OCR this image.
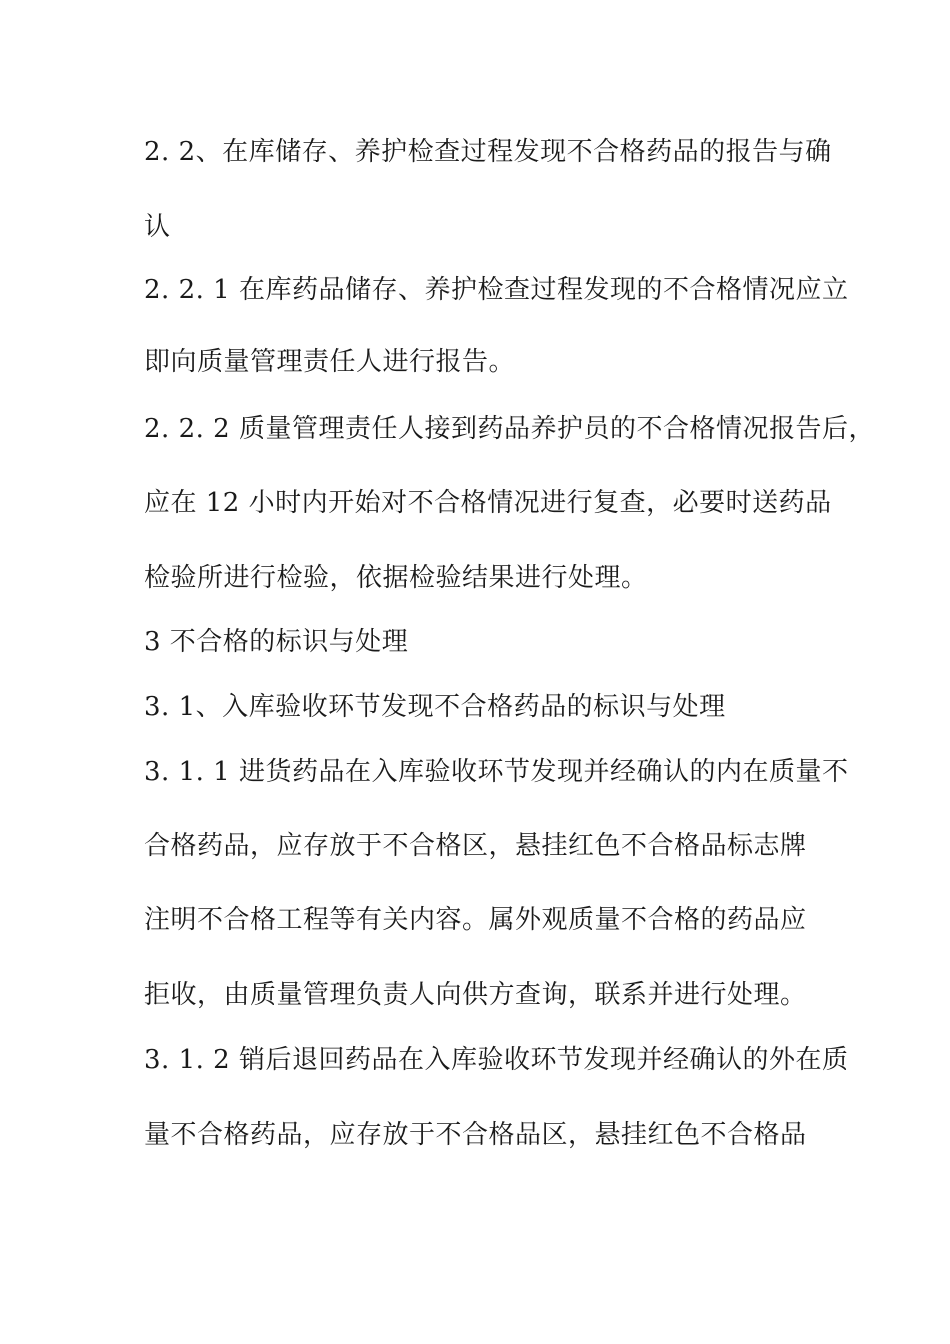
2. 2、在库储存、养护检查过程发现不合格药品的报告与确
认
2. 2. 1 在库药品储存、养护检查过程发现的不合格情况应立
即向质量管理责任人进行报告。
2. 2. 2 质量管理责任人接到药品养护员的不合格情况报告后，
应在 12 小时内开始对不合格情况进行复查，必要时送药品
检验所进行检验，依据检验结果进行处理。
3 不合格的标识与处理
3. 1、入库验收环节发现不合格药品的标识与处理
3. 1. 1 进货药品在入库验收环节发现并经确认的内在质量不
合格药品，应存放于不合格区，悬挂红色不合格品标志牌
注明不合格工程等有关内容。属外观质量不合格的药品应
拒收，由质量管理负责人向供方查询，联系并进行处理。
3. 1. 2 销后退回药品在入库验收环节发现并经确认的外在质
量不合格药品，应存放于不合格品区，悬挂红色不合格品
